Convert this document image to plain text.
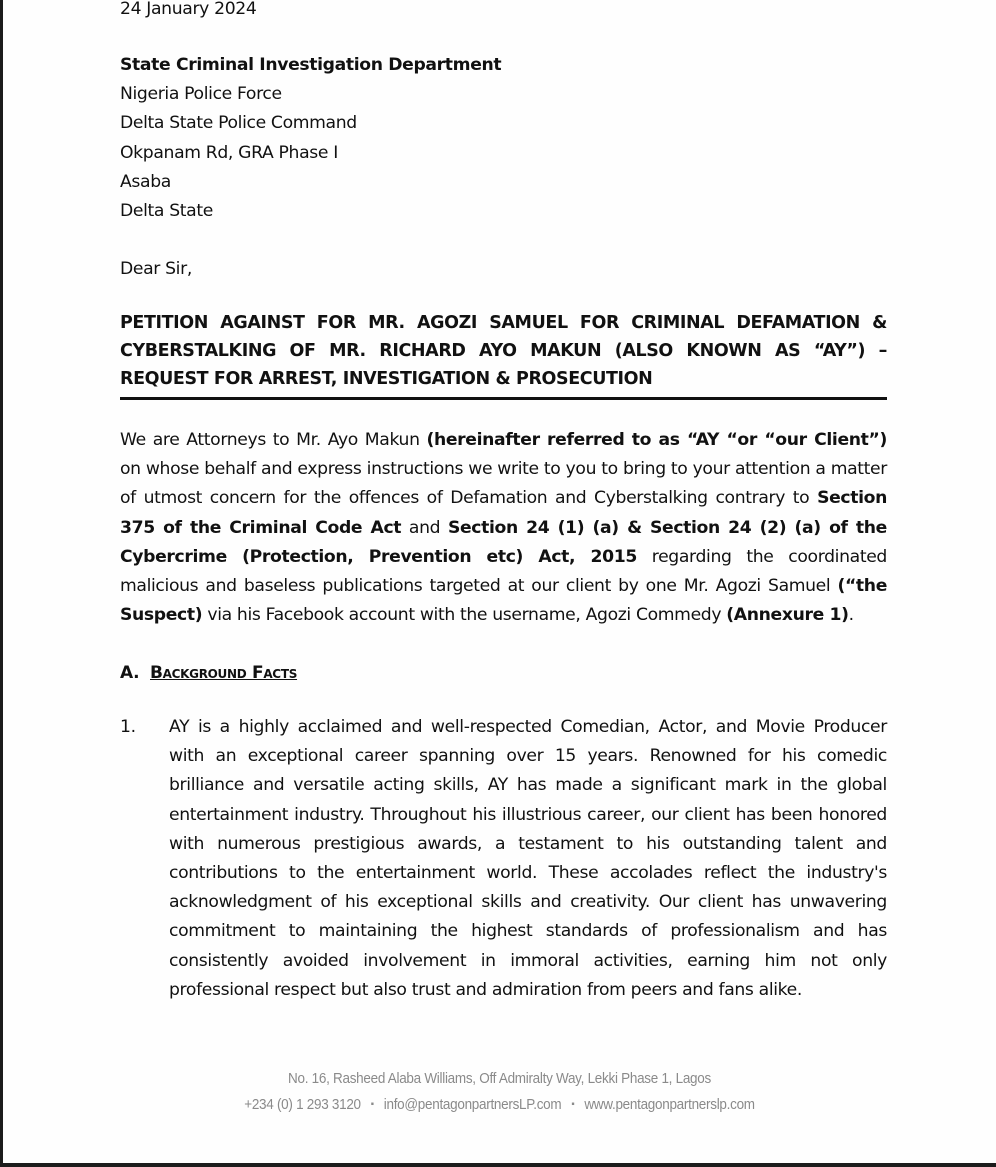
24 January 2024
State Criminal Investigation Department
Nigeria Police Force
Delta State Police Command
Okpanam Rd, GRA Phase I
Asaba
Delta State
Dear Sir,
PETITION AGAINST FOR MR. AGOZI SAMUEL FOR CRIMINAL DEFAMATION & CYBERSTALKING OF MR. RICHARD AYO MAKUN (ALSO KNOWN AS “AY”) – REQUEST FOR ARREST, INVESTIGATION & PROSECUTION
We are Attorneys to Mr. Ayo Makun (hereinafter referred to as “AY “or “our Client”) on whose behalf and express instructions we write to you to bring to your attention a matter of utmost concern for the offences of Defamation and Cyberstalking contrary to Section 375 of the Criminal Code Act and Section 24 (1) (a) & Section 24 (2) (a) of the Cybercrime (Protection, Prevention etc) Act, 2015 regarding the coordinated malicious and baseless publications targeted at our client by one Mr. Agozi Samuel (“the Suspect) via his Facebook account with the username, Agozi Commedy (Annexure 1).
A. Background Facts
1. AY is a highly acclaimed and well-respected Comedian, Actor, and Movie Producer with an exceptional career spanning over 15 years. Renowned for his comedic brilliance and versatile acting skills, AY has made a significant mark in the global entertainment industry. Throughout his illustrious career, our client has been honored with numerous prestigious awards, a testament to his outstanding talent and contributions to the entertainment world. These accolades reflect the industry's acknowledgment of his exceptional skills and creativity. Our client has unwavering commitment to maintaining the highest standards of professionalism and has consistently avoided involvement in immoral activities, earning him not only professional respect but also trust and admiration from peers and fans alike.
No. 16, Rasheed Alaba Williams, Off Admiralty Way, Lekki Phase 1, Lagos
+234 (0) 1 293 3120 ▪ info@pentagonpartnersLP.com ▪ www.pentagonpartnerslp.com
